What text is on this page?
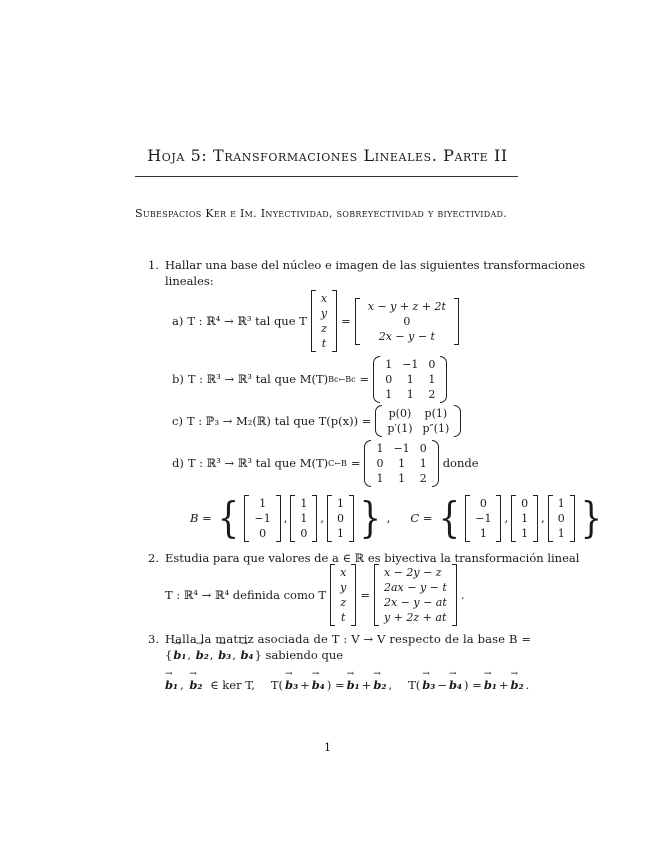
Hoja 5: Transformaciones Lineales. Parte II
Subespacios Ker e Im. Inyectividad, sobreyectividad y biyectividad.
1. Hallar una base del núcleo e imagen de las siguientes transformaciones
lineales:
a) T : ℝ⁴ → ℝ³ tal que T
x
y
z
t
=
x − y + z + 2t
0
2x − y − t
b) T : ℝ³ → ℝ³ tal que M(T) Bc←Bc =
1 −1 0
0	1	1
1	1	2
c) T : ℙ₃ → M₂(ℝ) tal que T(p(x)) =
p(0) p(1)
p′(1) p″(1)
d) T : ℝ³ → ℝ³ tal que M(T) C←B =
1 −1 0
0	1	1
1	1	2
donde
B = {	1
−1
0
,
1
1
0
,
1
0
1 } , C = {	0
−1
1
,
0
1
1
,
1
0
1 }
2. Estudia para que valores de a ∈ ℝ es biyectiva la transformación lineal
T : ℝ⁴ → ℝ⁴ definida como T
x
y
z
t
=
x − 2y − z
2ax − y − t
2x − y − at
y + 2z + at
.
3. Halla la matriz asociada de T : V → V respecto de la base B =
{ → b₁ , → b₂ , → b₃ , → b₄ } sabiendo que
→ b₁ , → b₂
∈ ker T, T( → b₃ + → b₄ ) = → b₁ + → b₂ , T( → b₃ − → b₄ ) = → b₁ + → b₂ .
1
